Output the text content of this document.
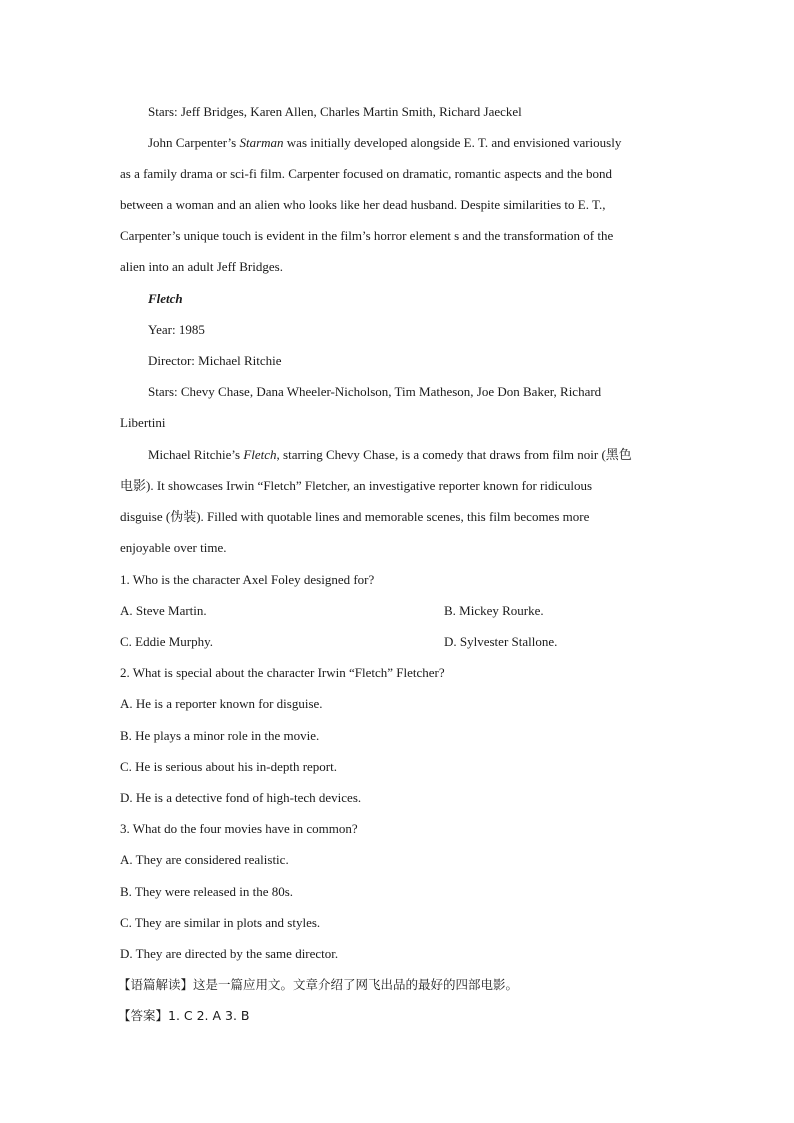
Stars: Jeff Bridges, Karen Allen, Charles Martin Smith, Richard Jaeckel
John Carpenter’s Starman was initially developed alongside E. T. and envisioned variously
as a family drama or sci-fi film. Carpenter focused on dramatic, romantic aspects and the bond
between a woman and an alien who looks like her dead husband. Despite similarities to E. T.,
Carpenter’s unique touch is evident in the film’s horror element s and the transformation of the
alien into an adult Jeff Bridges.
Fletch
Year: 1985
Director: Michael Ritchie
Stars: Chevy Chase, Dana Wheeler-Nicholson, Tim Matheson, Joe Don Baker, Richard
Libertini
Michael Ritchie’s Fletch, starring Chevy Chase, is a comedy that draws from film noir (黑色
电影). It showcases Irwin “Fletch” Fletcher, an investigative reporter known for ridiculous
disguise (伪装). Filled with quotable lines and memorable scenes, this film becomes more
enjoyable over time.
1. Who is the character Axel Foley designed for?
A. Steve Martin.	B. Mickey Rourke.
C. Eddie Murphy.	D. Sylvester Stallone.
2. What is special about the character Irwin “Fletch” Fletcher?
A. He is a reporter known for disguise.
B. He plays a minor role in the movie.
C. He is serious about his in-depth report.
D. He is a detective fond of high-tech devices.
3. What do the four movies have in common?
A. They are considered realistic.
B. They were released in the 80s.
C. They are similar in plots and styles.
D. They are directed by the same director.
【语篇解读】这是一篇应用文。文章介绍了网飞出品的最好的四部电影。
【答案】1. C 2. A 3. B
